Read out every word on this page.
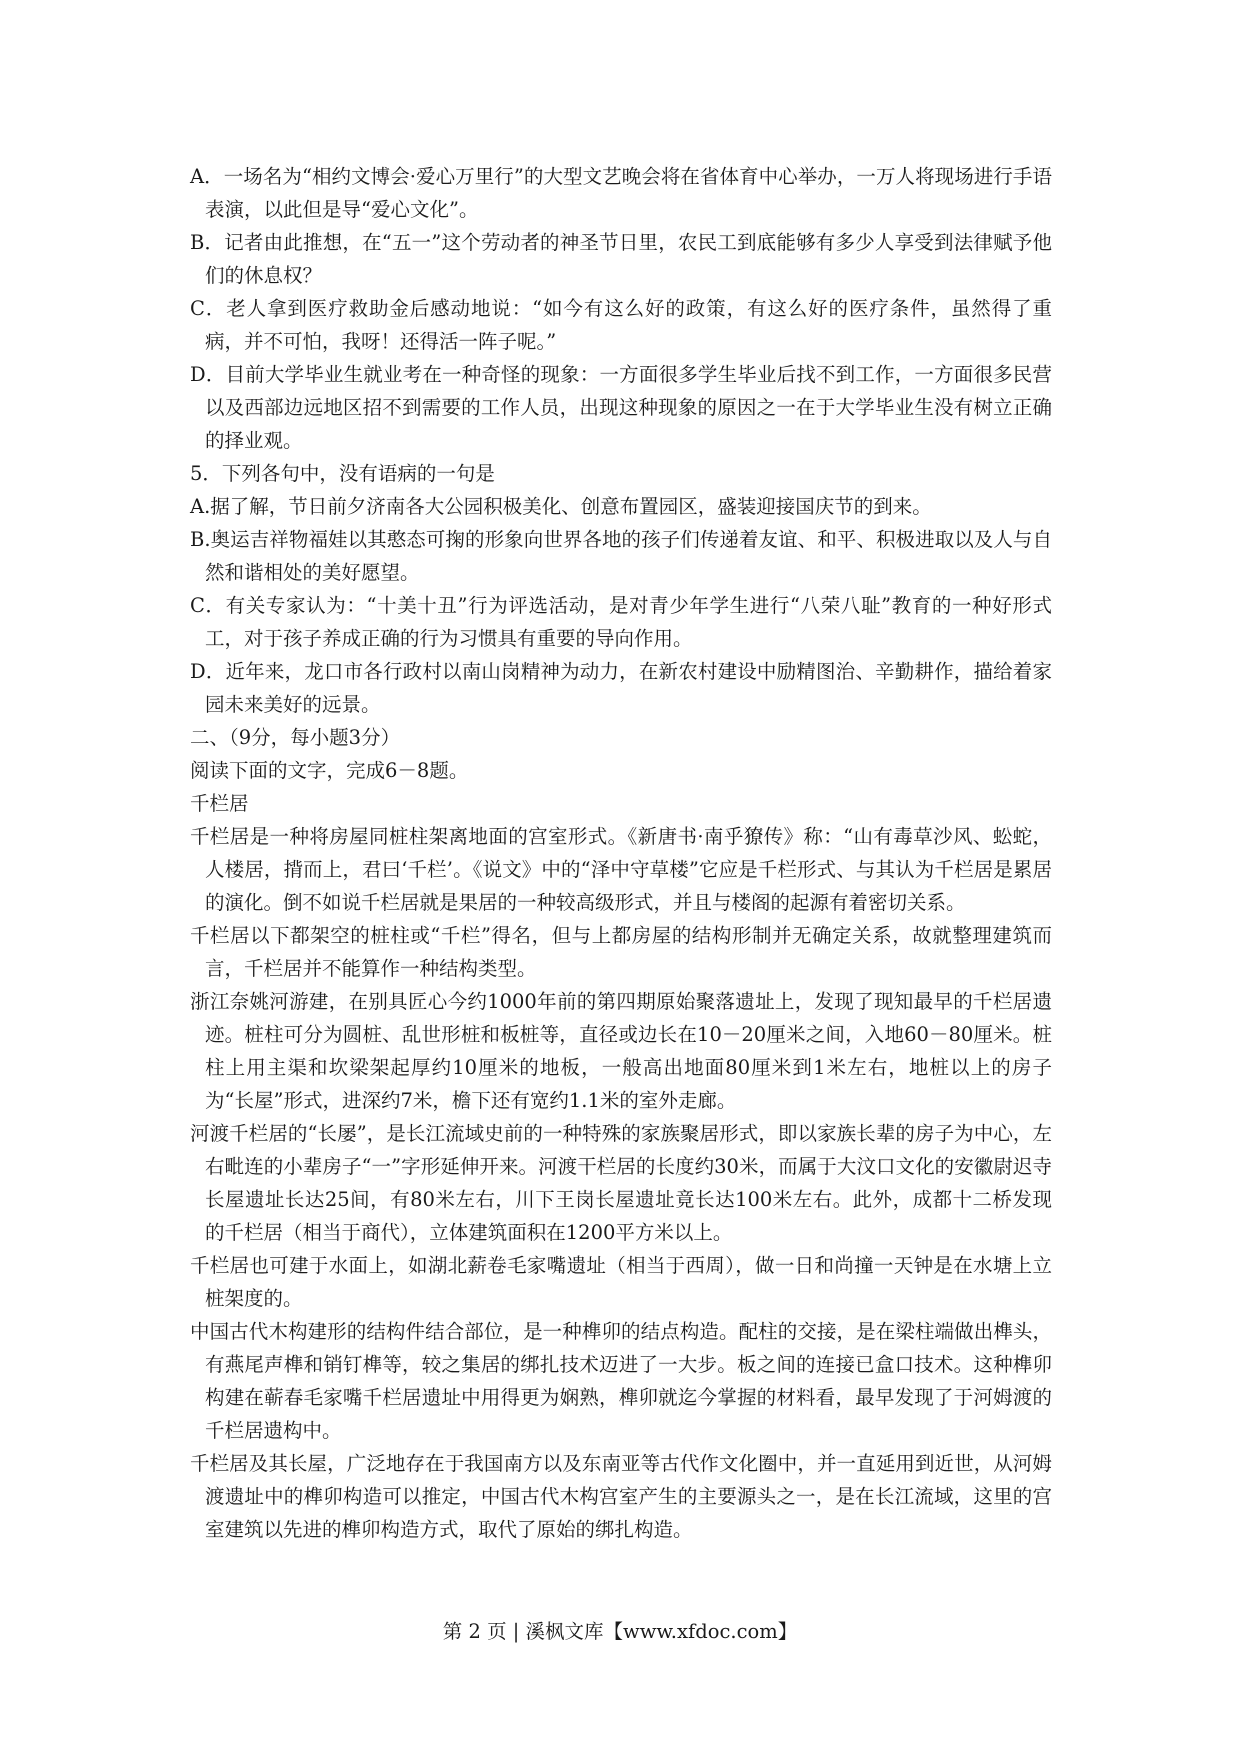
A．一场名为“相约文博会·爱心万里行”的大型文艺晚会将在省体育中心举办，一万人将现场进行手语表演，以此但是导“爱心文化”。

B．记者由此推想，在“五一”这个劳动者的神圣节日里，农民工到底能够有多少人享受到法律赋予他们的休息权？

C．老人拿到医疗救助金后感动地说：“如今有这么好的政策，有这么好的医疗条件，虽然得了重病，并不可怕，我呀！还得活一阵子呢。”

D．目前大学毕业生就业考在一种奇怪的现象：一方面很多学生毕业后找不到工作，一方面很多民营以及西部边远地区招不到需要的工作人员，出现这种现象的原因之一在于大学毕业生没有树立正确的择业观。

5．下列各句中，没有语病的一句是

A.据了解，节日前夕济南各大公园积极美化、创意布置园区，盛装迎接国庆节的到来。

B.奥运吉祥物福娃以其憨态可掬的形象向世界各地的孩子们传递着友谊、和平、积极进取以及人与自然和谐相处的美好愿望。

C．有关专家认为：“十美十丑”行为评选活动，是对青少年学生进行“八荣八耻”教育的一种好形式工，对于孩子养成正确的行为习惯具有重要的导向作用。

D．近年来，龙口市各行政村以南山岗精神为动力，在新农村建设中励精图治、辛勤耕作，描给着家园未来美好的远景。

二、（9分，每小题3分）

阅读下面的文字，完成6－8题。

千栏居

千栏居是一种将房屋同桩柱架离地面的宫室形式。《新唐书·南乎獠传》称：“山有毒草沙风、蚣蛇，人楼居，揹而上，君曰‘千栏’。《说文》中的“泽中守草楼”它应是千栏形式、与其认为千栏居是累居的演化。倒不如说千栏居就是果居的一种较高级形式，并且与楼阁的起源有着密切关系。

千栏居以下都架空的桩柱或“千栏”得名，但与上都房屋的结构形制并无确定关系，故就整理建筑而言，千栏居并不能算作一种结构类型。

浙江奈姚河游建，在别具匠心今约1000年前的第四期原始聚落遗址上，发现了现知最早的千栏居遗迹。桩柱可分为圆桩、乱世形桩和板桩等，直径或边长在10－20厘米之间，入地60－80厘米。桩柱上用主渠和坎梁架起厚约10厘米的地板，一般高出地面80厘米到1米左右，地桩以上的房子为“长屋”形式，进深约7米，檐下还有宽约1.1米的室外走廊。

河渡千栏居的“长屡”，是长江流域史前的一种特殊的家族聚居形式，即以家族长辈的房子为中心，左右毗连的小辈房子“一”字形延伸开来。河渡干栏居的长度约30米，而属于大汶口文化的安徽尉迟寺长屋遗址长达25间，有80米左右，川下王岗长屋遗址竟长达100米左右。此外，成都十二桥发现的千栏居（相当于商代），立体建筑面积在1200平方米以上。

千栏居也可建于水面上，如湖北薪卷毛家嘴遗址（相当于西周），做一日和尚撞一天钟是在水塘上立桩架度的。

中国古代木构建形的结构件结合部位，是一种榫卯的结点构造。配柱的交接，是在梁柱端做出榫头，有燕尾声榫和销钉榫等，较之集居的绑扎技术迈进了一大步。板之间的连接已盒口技术。这种榫卯构建在蕲春毛家嘴千栏居遗址中用得更为娴熟，榫卯就迄今掌握的材料看，最早发现了于河姆渡的千栏居遗构中。

千栏居及其长屋，广泛地存在于我国南方以及东南亚等古代作文化圈中，并一直延用到近世，从河姆渡遗址中的榫卯构造可以推定，中国古代木构宫室产生的主要源头之一，是在长江流域，这里的宫室建筑以先进的榫卯构造方式，取代了原始的绑扎构造。

第 2 页 | 溪枫文库【www.xfdoc.com】
